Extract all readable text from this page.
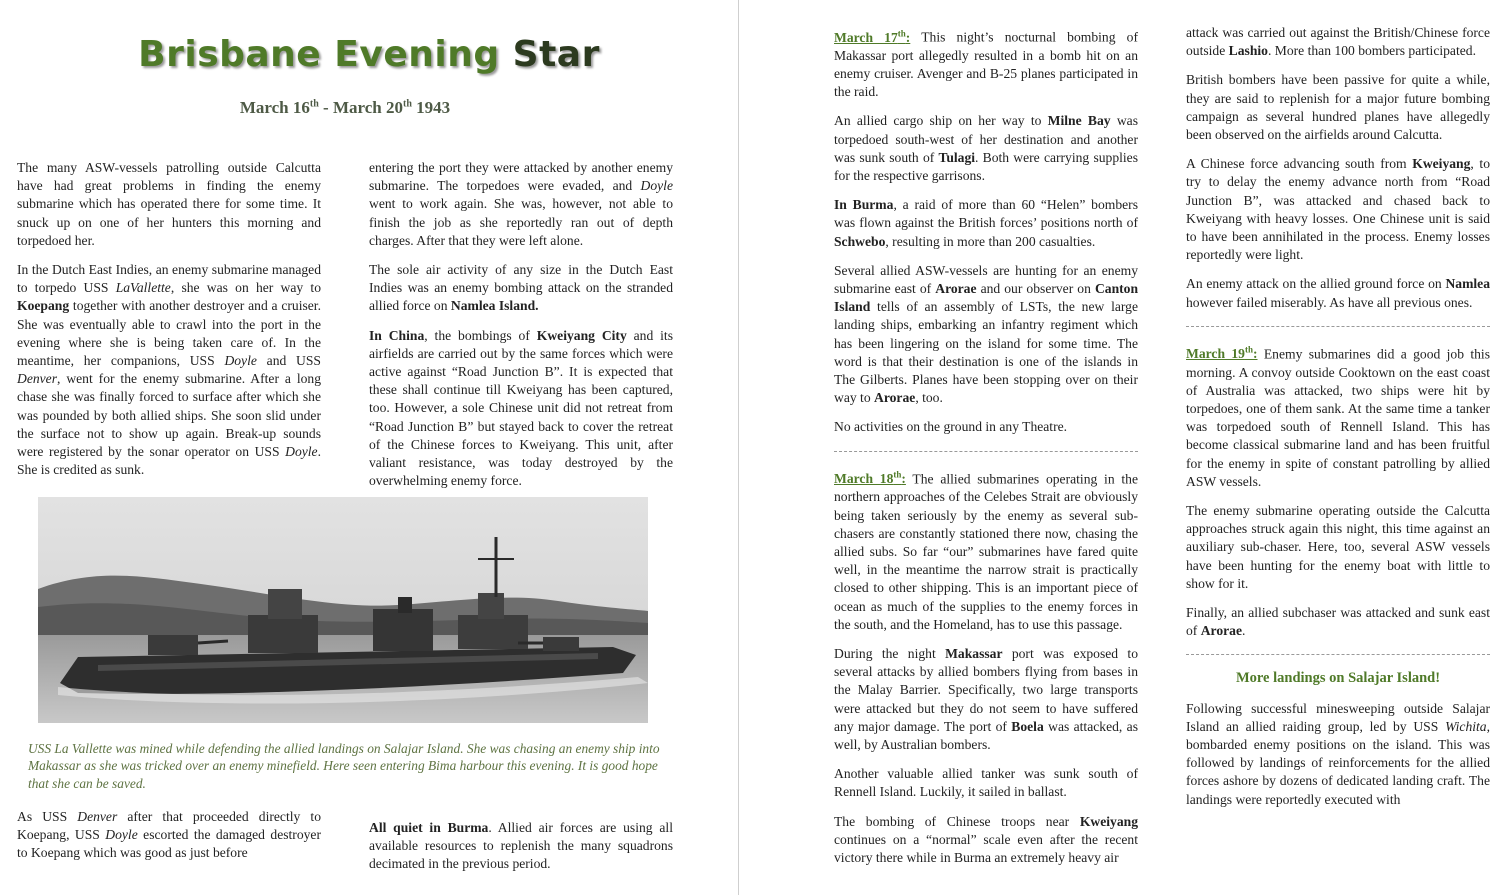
Brisbane Evening Star
March 16th - March 20th 1943

The many ASW-vessels patrolling outside Calcutta have had great problems in finding the enemy submarine which has operated there for some time. It snuck up on one of her hunters this morning and torpedoed her.

In the Dutch East Indies, an enemy submarine managed to torpedo USS LaVallette, she was on her way to Koepang together with another destroyer and a cruiser. She was eventually able to crawl into the port in the evening where she is being taken care of. In the meantime, her companions, USS Doyle and USS Denver, went for the enemy submarine. After a long chase she was finally forced to surface after which she was pounded by both allied ships. She soon slid under the surface not to show up again. Break-up sounds were registered by the sonar operator on USS Doyle. She is credited as sunk.

entering the port they were attacked by another enemy submarine. The torpedoes were evaded, and Doyle went to work again. She was, however, not able to finish the job as she reportedly ran out of depth charges. After that they were left alone.

The sole air activity of any size in the Dutch East Indies was an enemy bombing attack on the stranded allied force on Namlea Island.

In China, the bombings of Kweiyang City and its airfields are carried out by the same forces which were active against “Road Junction B”. It is expected that these shall continue till Kweiyang has been captured, too. However, a sole Chinese unit did not retreat from “Road Junction B” but stayed back to cover the retreat of the Chinese forces to Kweiyang. This unit, after valiant resistance, was today destroyed by the overwhelming enemy force.

USS La Vallette was mined while defending the allied landings on Salajar Island. She was chasing an enemy ship into Makassar as she was tricked over an enemy minefield. Here seen entering Bima harbour this evening. It is good hope that she can be saved.

As USS Denver after that proceeded directly to Koepang, USS Doyle escorted the damaged destroyer to Koepang which was good as just before

All quiet in Burma. Allied air forces are using all available resources to replenish the many squadrons decimated in the previous period.

March 17th: This night’s nocturnal bombing of Makassar port allegedly resulted in a bomb hit on an enemy cruiser. Avenger and B-25 planes participated in the raid.

An allied cargo ship on her way to Milne Bay was torpedoed south-west of her destination and another was sunk south of Tulagi. Both were carrying supplies for the respective garrisons.

In Burma, a raid of more than 60 “Helen” bombers was flown against the British forces’ positions north of Schwebo, resulting in more than 200 casualties.

Several allied ASW-vessels are hunting for an enemy submarine east of Arorae and our observer on Canton Island tells of an assembly of LSTs, the new large landing ships, embarking an infantry regiment which has been lingering on the island for some time. The word is that their destination is one of the islands in The Gilberts. Planes have been stopping over on their way to Arorae, too.

No activities on the ground in any Theatre.

March 18th: The allied submarines operating in the northern approaches of the Celebes Strait are obviously being taken seriously by the enemy as several sub-chasers are constantly stationed there now, chasing the allied subs. So far “our” submarines have fared quite well, in the meantime the narrow strait is practically closed to other shipping. This is an important piece of ocean as much of the supplies to the enemy forces in the south, and the Homeland, has to use this passage.

During the night Makassar port was exposed to several attacks by allied bombers flying from bases in the Malay Barrier. Specifically, two large transports were attacked but they do not seem to have suffered any major damage. The port of Boela was attacked, as well, by Australian bombers.

Another valuable allied tanker was sunk south of Rennell Island. Luckily, it sailed in ballast.

The bombing of Chinese troops near Kweiyang continues on a “normal” scale even after the recent victory there while in Burma an extremely heavy air

attack was carried out against the British/Chinese force outside Lashio. More than 100 bombers participated.

British bombers have been passive for quite a while, they are said to replenish for a major future bombing campaign as several hundred planes have allegedly been observed on the airfields around Calcutta.

A Chinese force advancing south from Kweiyang, to try to delay the enemy advance north from “Road Junction B”, was attacked and chased back to Kweiyang with heavy losses. One Chinese unit is said to have been annihilated in the process. Enemy losses reportedly were light.

An enemy attack on the allied ground force on Namlea however failed miserably. As have all previous ones.

March 19th: Enemy submarines did a good job this morning. A convoy outside Cooktown on the east coast of Australia was attacked, two ships were hit by torpedoes, one of them sank. At the same time a tanker was torpedoed south of Rennell Island. This has become classical submarine land and has been fruitful for the enemy in spite of constant patrolling by allied ASW vessels.

The enemy submarine operating outside the Calcutta approaches struck again this night, this time against an auxiliary sub-chaser. Here, too, several ASW vessels have been hunting for the enemy boat with little to show for it.

Finally, an allied subchaser was attacked and sunk east of Arorae.

More landings on Salajar Island!

Following successful minesweeping outside Salajar Island an allied raiding group, led by USS Wichita, bombarded enemy positions on the island. This was followed by landings of reinforcements for the allied forces ashore by dozens of dedicated landing craft. The landings were reportedly executed with
